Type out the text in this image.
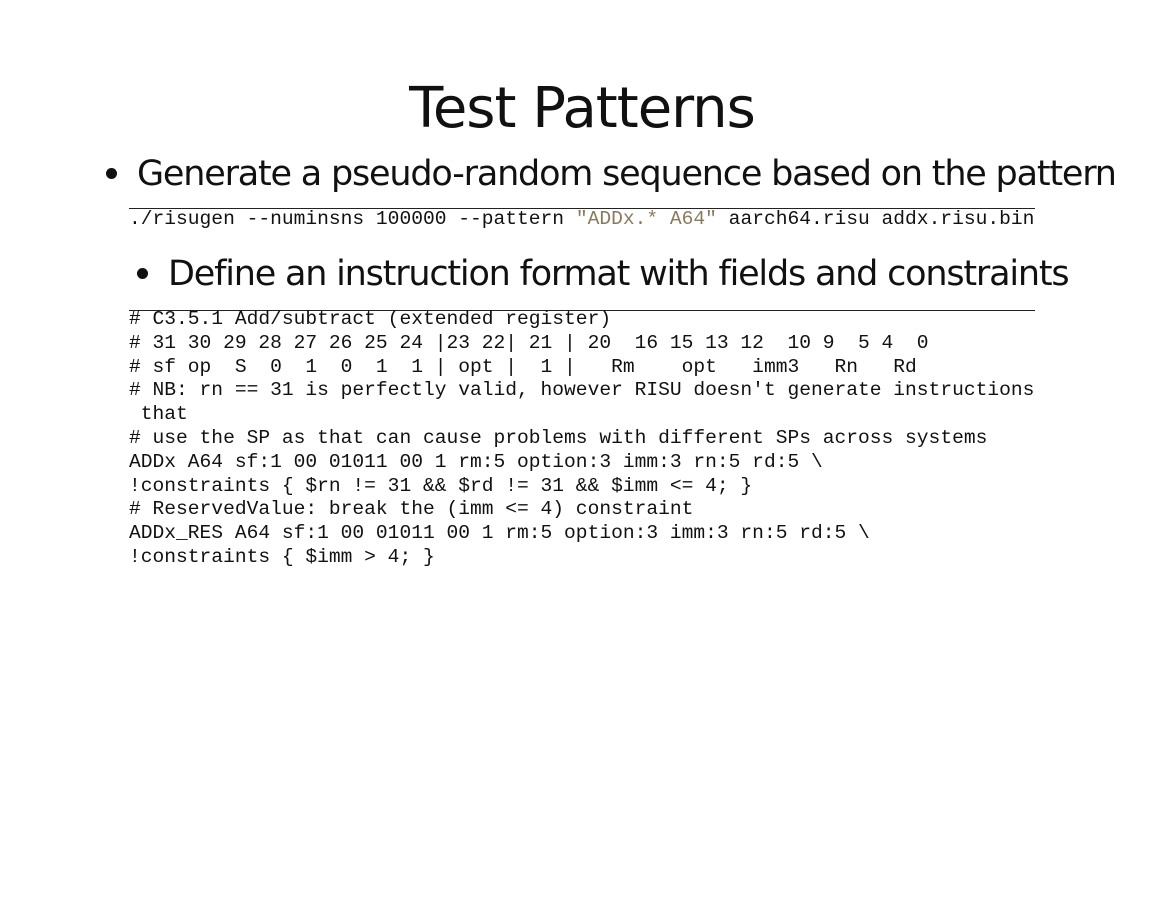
Test Patterns
Generate a pseudo-random sequence based on the pattern
./risugen --numinsns 100000 --pattern "ADDx.* A64" aarch64.risu addx.risu.bin
Define an instruction format with fields and constraints
# C3.5.1 Add/subtract (extended register)
# 31 30 29 28 27 26 25 24 |23 22| 21 | 20  16 15 13 12  10 9  5 4  0
# sf op  S  0  1  0  1  1 | opt |  1 |   Rm    opt   imm3   Rn   Rd
# NB: rn == 31 is perfectly valid, however RISU doesn't generate instructions
that
# use the SP as that can cause problems with different SPs across systems
ADDx A64 sf:1 00 01011 00 1 rm:5 option:3 imm:3 rn:5 rd:5 \
!constraints { $rn != 31 && $rd != 31 && $imm <= 4; }
# ReservedValue: break the (imm <= 4) constraint
ADDx_RES A64 sf:1 00 01011 00 1 rm:5 option:3 imm:3 rn:5 rd:5 \
!constraints { $imm > 4; }
